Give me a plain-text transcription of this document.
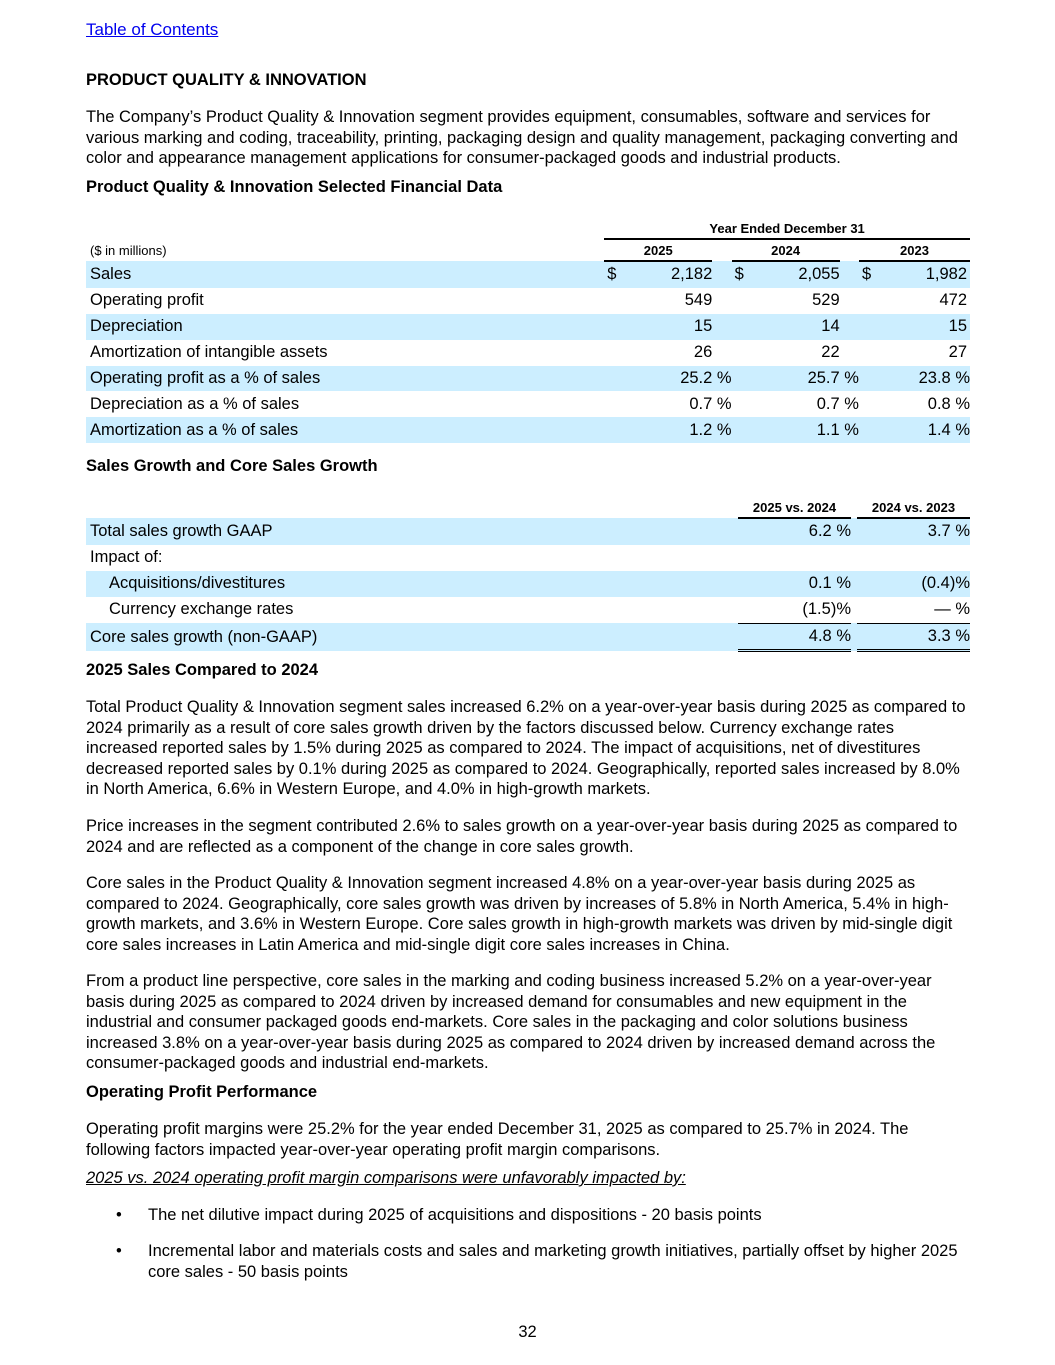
Table of Contents
PRODUCT QUALITY & INNOVATION
The Company’s Product Quality & Innovation segment provides equipment, consumables, software and services for various marking and coding, traceability, printing, packaging design and quality management, packaging converting and color and appearance management applications for consumer-packaged goods and industrial products.
Product Quality & Innovation Selected Financial Data
	Year Ended December 31								
($ in millions)	2025			2024			2023		
Sales	$	2,182		$	2,055		$	1,982	
Operating profit		549			529			472	
Depreciation		15			14			15	
Amortization of intangible assets		26			22			27	
Operating profit as a % of sales		25.2 %			25.7 %			23.8 %	
Depreciation as a % of sales		0.7 %			0.7 %			0.8 %	
Amortization as a % of sales		1.2 %			1.1 %			1.4 %	
Sales Growth and Core Sales Growth
	2025 vs. 2024		2024 vs. 2023
Total sales growth GAAP	6.2 %		3.7 %
Impact of:			
Acquisitions/divestitures	0.1 %		(0.4)%
Currency exchange rates	(1.5)%		— %
Core sales growth (non-GAAP)	4.8 %		3.3 %
2025 Sales Compared to 2024
Total Product Quality & Innovation segment sales increased 6.2% on a year-over-year basis during 2025 as compared to 2024 primarily as a result of core sales growth driven by the factors discussed below. Currency exchange rates increased reported sales by 1.5% during 2025 as compared to 2024. The impact of acquisitions, net of divestitures decreased reported sales by 0.1% during 2025 as compared to 2024. Geographically, reported sales increased by 8.0% in North America, 6.6% in Western Europe, and 4.0% in high-growth markets.
Price increases in the segment contributed 2.6% to sales growth on a year-over-year basis during 2025 as compared to 2024 and are reflected as a component of the change in core sales growth.
Core sales in the Product Quality & Innovation segment increased 4.8% on a year-over-year basis during 2025 as compared to 2024. Geographically, core sales growth was driven by increases of 5.8% in North America, 5.4% in high-growth markets, and 3.6% in Western Europe. Core sales growth in high-growth markets was driven by mid-single digit core sales increases in Latin America and mid-single digit core sales increases in China.
From a product line perspective, core sales in the marking and coding business increased 5.2% on a year-over-year basis during 2025 as compared to 2024 driven by increased demand for consumables and new equipment in the industrial and consumer packaged goods end-markets. Core sales in the packaging and color solutions business increased 3.8% on a year-over-year basis during 2025 as compared to 2024 driven by increased demand across the consumer-packaged goods and industrial end-markets.
Operating Profit Performance
Operating profit margins were 25.2% for the year ended December 31, 2025 as compared to 25.7% in 2024. The following factors impacted year-over-year operating profit margin comparisons.
2025 vs. 2024 operating profit margin comparisons were unfavorably impacted by:
• The net dilutive impact during 2025 of acquisitions and dispositions - 20 basis points
• Incremental labor and materials costs and sales and marketing growth initiatives, partially offset by higher 2025 core sales - 50 basis points
32
